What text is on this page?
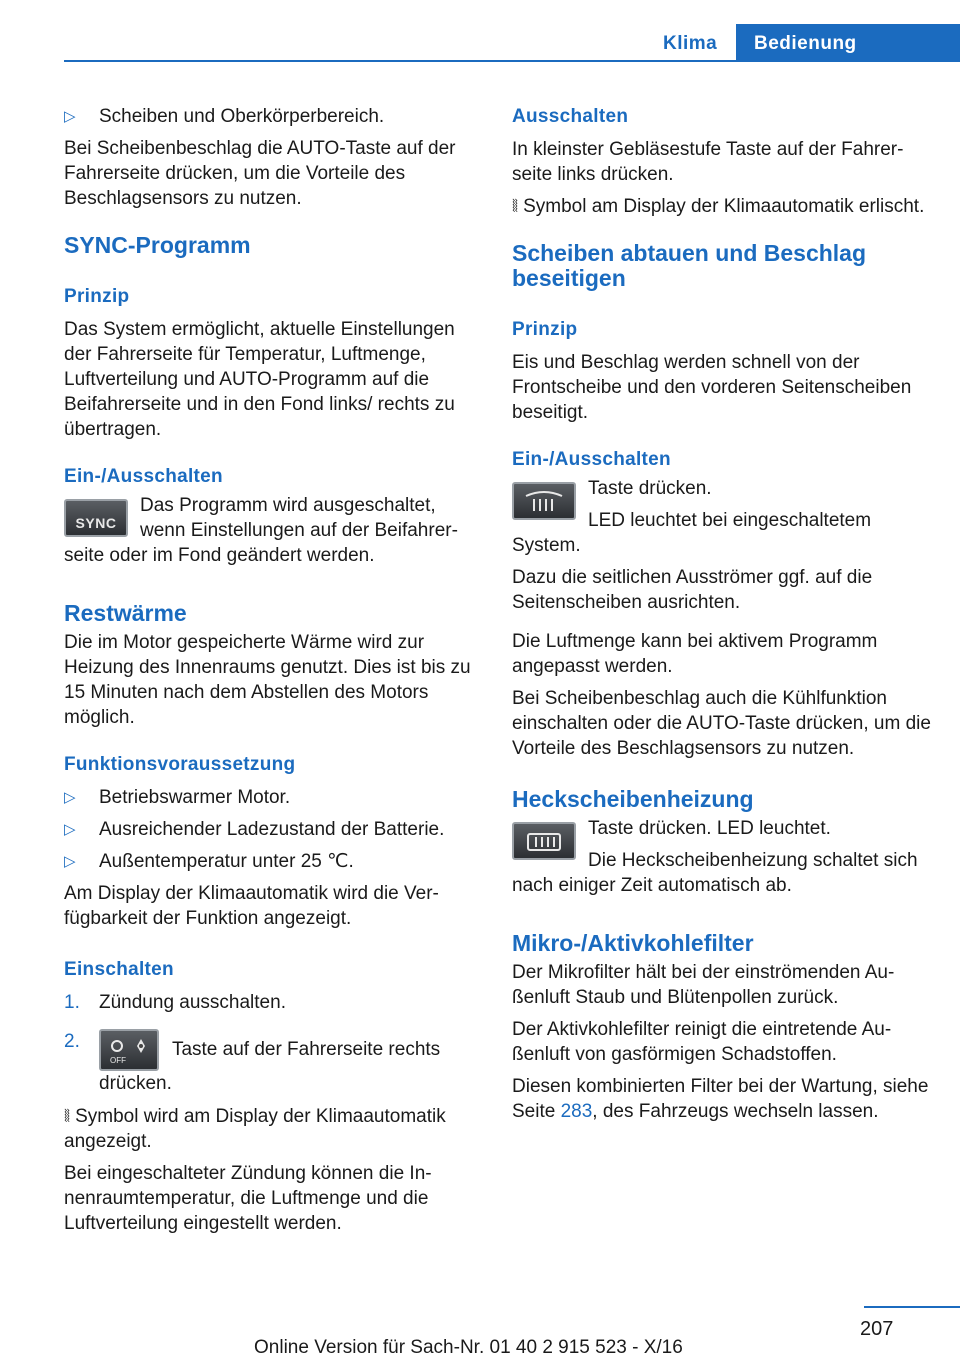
Klima Bedienung
▷ Scheiben und Oberkörperbereich.

Bei Scheibenbeschlag die AUTO-Taste auf der Fahrerseite drücken, um die Vorteile des Beschlagsensors zu nutzen.

SYNC-Programm
Prinzip

Das System ermöglicht, aktuelle Einstellungen der Fahrerseite für Temperatur, Luftmenge, Luftverteilung und AUTO-Programm auf die Beifahrerseite und in den Fond links/ rechts zu übertragen.

Ein-/Ausschalten
SYNC

Das Programm wird ausgeschaltet, wenn Einstellungen auf der Beifahrerseite oder im Fond geändert werden.

Restwärme

Die im Motor gespeicherte Wärme wird zur Heizung des Innenraums genutzt. Dies ist bis zu 15 Minuten nach dem Abstellen des Motors möglich.

Funktionsvoraussetzung
▷ Betriebswarmer Motor.
▷ Ausreichender Ladezustand der Batterie.
▷ Außentemperatur unter 25 ℃.

Am Display der Klimaautomatik wird die Verfügbarkeit der Funktion angezeigt.

Einschalten
1. Zündung ausschalten.
2.
OFF
Taste auf der Fahrerseite rechts drücken.

⦚⦚ Symbol wird am Display der Klimaautomatik angezeigt.

Bei eingeschalteter Zündung können die Innenraumtemperatur, die Luftmenge und die Luftverteilung eingestellt werden.

Ausschalten

In kleinster Gebläsestufe Taste auf der Fahrerseite links drücken.

⦚⦚ Symbol am Display der Klimaautomatik erlischt.

Scheiben abtauen und Beschlag beseitigen
Prinzip

Eis und Beschlag werden schnell von der Frontscheibe und den vorderen Seitenscheiben beseitigt.

Ein-/Ausschalten

Taste drücken.

LED leuchtet bei eingeschaltetem System.

Dazu die seitlichen Ausströmer ggf. auf die Seitenscheiben ausrichten.

Die Luftmenge kann bei aktivem Programm angepasst werden.

Bei Scheibenbeschlag auch die Kühlfunktion einschalten oder die AUTO-Taste drücken, um die Vorteile des Beschlagsensors zu nutzen.

Heckscheibenheizung

Taste drücken. LED leuchtet.

Die Heckscheibenheizung schaltet sich nach einiger Zeit automatisch ab.

Mikro-/Aktivkohlefilter

Der Mikrofilter hält bei der einströmenden Außenluft Staub und Blütenpollen zurück.

Der Aktivkohlefilter reinigt die eintretende Außenluft von gasförmigen Schadstoffen.

Diesen kombinierten Filter bei der Wartung, siehe Seite 283, des Fahrzeugs wechseln lassen.

207
Online Version für Sach-Nr. 01 40 2 915 523 - X/16
